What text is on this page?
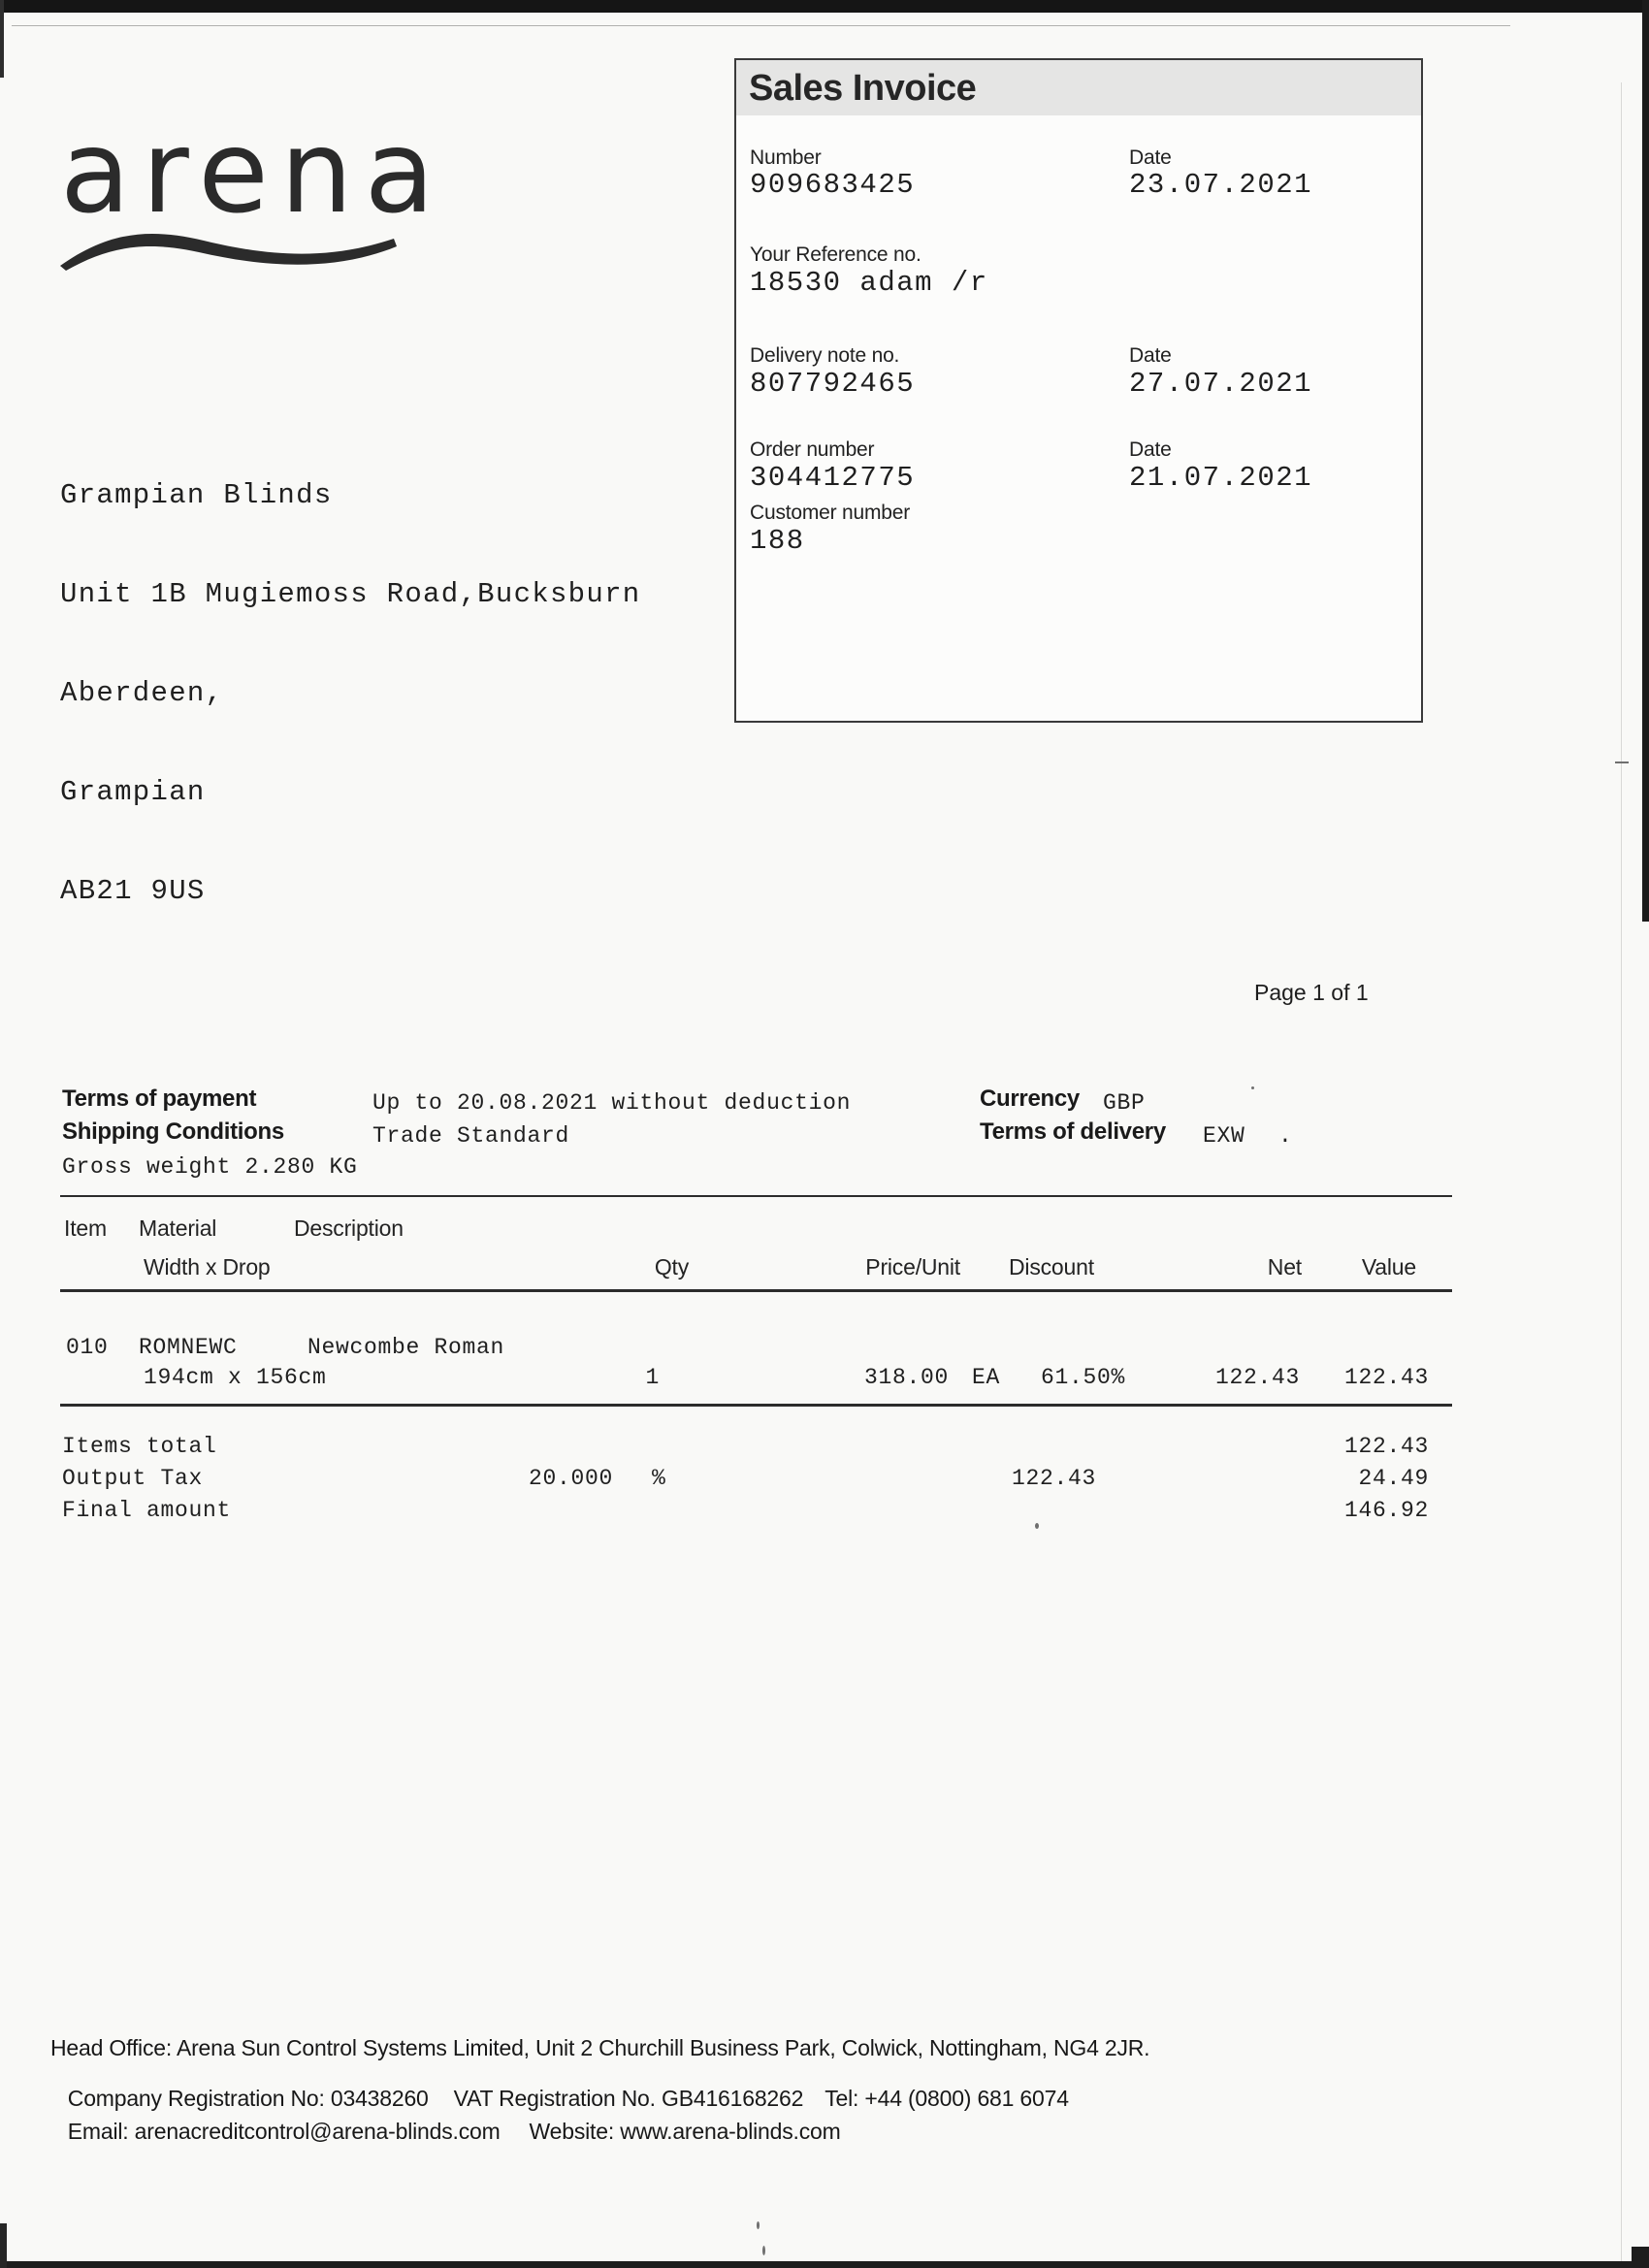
arena

Grampian Blinds

Unit 1B Mugiemoss Road,Bucksburn

Aberdeen,

Grampian

AB21 9US

Sales Invoice
Number
909683425
Date
23.07.2021
Your Reference no.
18530 adam /r
Delivery note no.
807792465
Date
27.07.2021
Order number
304412775
Date
21.07.2021
Customer number
188
Page 1 of 1
Terms of payment	Up to 20.08.2021 without deduction
Shipping Conditions	Trade Standard
Gross weight 2.280 KG
Currency GBP
Terms of delivery EXW .
Item Material	Description
Width x Drop	Qty	Price/Unit Discount	Net	Value
010 ROMNEWC	Newcombe Roman
194cm x 156cm	1	318.00 EA 61.50%	122.43	122.43
Items total	122.43
Output Tax	20.000 %	122.43	24.49
Final amount	146.92
Head Office: Arena Sun Control Systems Limited, Unit 2 Churchill Business Park, Colwick, Nottingham, NG4 2JR.

Company Registration No: 03438260 VAT Registration No. GB416168262 Tel: +44 (0800) 681 6074

Email: arenacreditcontrol@arena-blinds.com Website: www.arena-blinds.com
